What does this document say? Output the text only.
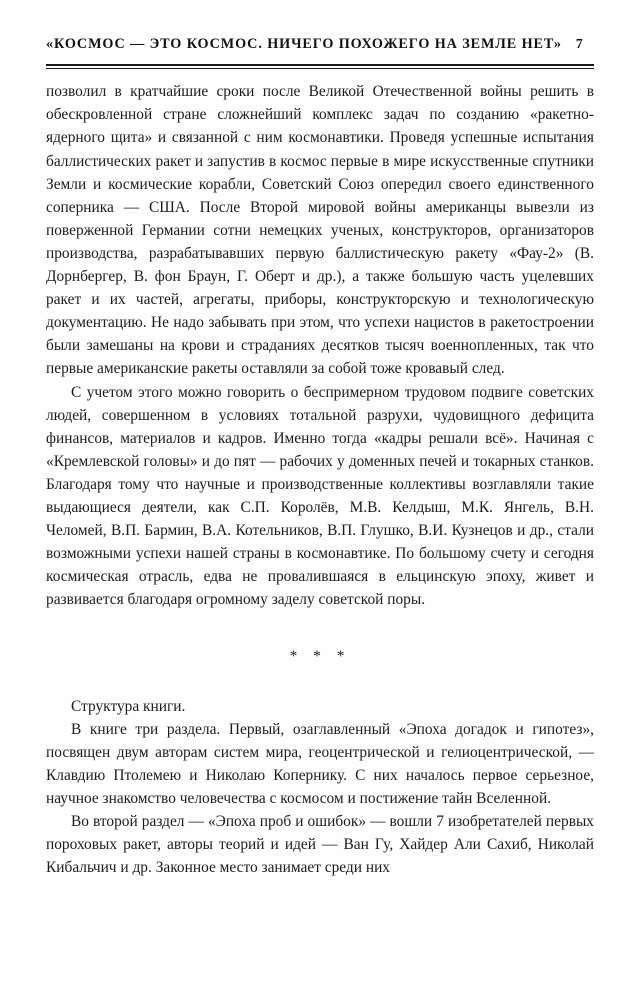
«КОСМОС — ЭТО КОСМОС. НИЧЕГО ПОХОЖЕГО НА ЗЕМЛЕ НЕТ» 7

позволил в кратчайшие сроки после Великой Отечественной войны решить в обескровленной стране сложнейший комплекс задач по созданию «ракетно-ядерного щита» и связанной с ним космонавтики. Проведя успешные испытания баллистических ракет и запустив в космос первые в мире искусственные спутники Земли и космические корабли, Советский Союз опередил своего единственного соперника — США. После Второй мировой войны американцы вывезли из поверженной Германии сотни немецких ученых, конструкторов, организаторов производства, разрабатывавших первую баллистическую ракету «Фау-2» (В. Дорнбергер, В. фон Браун, Г. Оберт и др.), а также большую часть уцелевших ракет и их частей, агрегаты, приборы, конструкторскую и технологическую документацию. Не надо забывать при этом, что успехи нацистов в ракетостроении были замешаны на крови и страданиях десятков тысяч военнопленных, так что первые американские ракеты оставляли за собой тоже кровавый след.

С учетом этого можно говорить о беспримерном трудовом подвиге советских людей, совершенном в условиях тотальной разрухи, чудовищного дефицита финансов, материалов и кадров. Именно тогда «кадры решали всё». Начиная с «Кремлевской головы» и до пят — рабочих у доменных печей и токарных станков. Благодаря тому что научные и производственные коллективы возглавляли такие выдающиеся деятели, как С.П. Королёв, М.В. Келдыш, М.К. Янгель, В.Н. Челомей, В.П. Бармин, В.А. Котельников, В.П. Глушко, В.И. Кузнецов и др., стали возможными успехи нашей страны в космонавтике. По большому счету и сегодня космическая отрасль, едва не провалившаяся в ельцинскую эпоху, живет и развивается благодаря огромному заделу советской поры.

* * *

Структура книги.

В книге три раздела. Первый, озаглавленный «Эпоха догадок и гипотез», посвящен двум авторам систем мира, геоцентрической и гелиоцентрической, — Клавдию Птолемею и Николаю Копернику. С них началось первое серьезное, научное знакомство человечества с космосом и постижение тайн Вселенной.

Во второй раздел — «Эпоха проб и ошибок» — вошли 7 изобретателей первых пороховых ракет, авторы теорий и идей — Ван Гу, Хайдер Али Сахиб, Николай Кибальчич и др. Законное место занимает среди них
